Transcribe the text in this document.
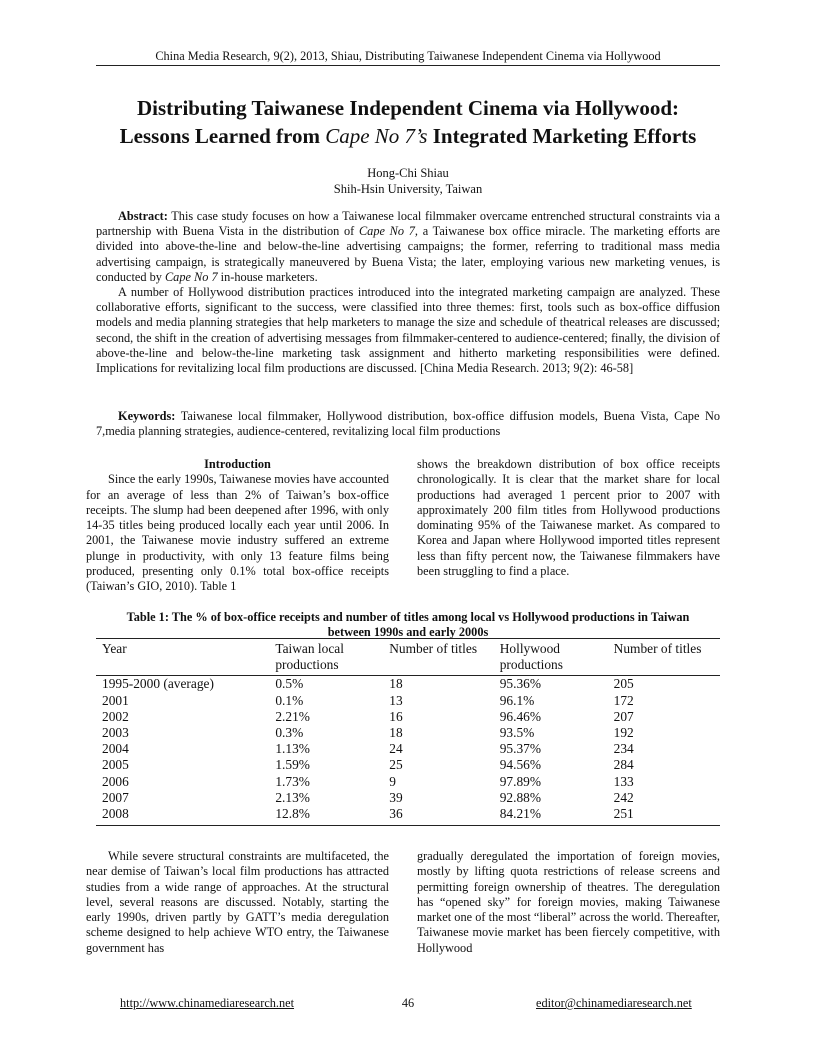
China Media Research, 9(2), 2013, Shiau, Distributing Taiwanese Independent Cinema via Hollywood
Distributing Taiwanese Independent Cinema via Hollywood:
Lessons Learned from Cape No 7’s Integrated Marketing Efforts
Hong-Chi Shiau
Shih-Hsin University, Taiwan

Abstract: This case study focuses on how a Taiwanese local filmmaker overcame entrenched structural constraints via a partnership with Buena Vista in the distribution of Cape No 7, a Taiwanese box office miracle. The marketing efforts are divided into above-the-line and below-the-line advertising campaigns; the former, referring to traditional mass media advertising campaign, is strategically maneuvered by Buena Vista; the later, employing various new marketing venues, is conducted by Cape No 7 in-house marketers.

A number of Hollywood distribution practices introduced into the integrated marketing campaign are analyzed. These collaborative efforts, significant to the success, were classified into three themes: first, tools such as box-office diffusion models and media planning strategies that help marketers to manage the size and schedule of theatrical releases are discussed; second, the shift in the creation of advertising messages from filmmaker-centered to audience-centered; finally, the division of above-the-line and below-the-line marketing task assignment and hitherto marketing responsibilities were defined. Implications for revitalizing local film productions are discussed. [China Media Research. 2013; 9(2): 46-58]

Keywords: Taiwanese local filmmaker, Hollywood distribution, box-office diffusion models, Buena Vista, Cape No 7,media planning strategies, audience-centered, revitalizing local film productions
Introduction

Since the early 1990s, Taiwanese movies have accounted for an average of less than 2% of Taiwan’s box-office receipts. The slump had been deepened after 1996, with only 14-35 titles being produced locally each year until 2006. In 2001, the Taiwanese movie industry suffered an extreme plunge in productivity, with only 13 feature films being produced, presenting only 0.1% total box-office receipts (Taiwan’s GIO, 2010). Table 1

shows the breakdown distribution of box office receipts chronologically. It is clear that the market share for local productions had averaged 1 percent prior to 2007 with approximately 200 film titles from Hollywood productions dominating 95% of the Taiwanese market. As compared to Korea and Japan where Hollywood imported titles represent less than fifty percent now, the Taiwanese filmmakers have been struggling to find a place.

Table 1: The % of box-office receipts and number of titles among local vs Hollywood productions in Taiwan
between 1990s and early 2000s
Year	Taiwan local productions	Number of titles	Hollywood productions	Number of titles
1995-2000 (average)	0.5%	18	95.36%	205
2001	0.1%	13	96.1%	172
2002	2.21%	16	96.46%	207
2003	0.3%	18	93.5%	192
2004	1.13%	24	95.37%	234
2005	1.59%	25	94.56%	284
2006	1.73%	9	97.89%	133
2007	2.13%	39	92.88%	242
2008	12.8%	36	84.21%	251

While severe structural constraints are multifaceted, the near demise of Taiwan’s local film productions has attracted studies from a wide range of approaches. At the structural level, several reasons are discussed. Notably, starting the early 1990s, driven partly by GATT’s media deregulation scheme designed to help achieve WTO entry, the Taiwanese government has

gradually deregulated the importation of foreign movies, mostly by lifting quota restrictions of release screens and permitting foreign ownership of theatres. The deregulation has “opened sky” for foreign movies, making Taiwanese market one of the most “liberal” across the world. Thereafter, Taiwanese movie market has been fiercely competitive, with Hollywood

http://www.chinamediaresearch.net	46	editor@chinamediaresearch.net
